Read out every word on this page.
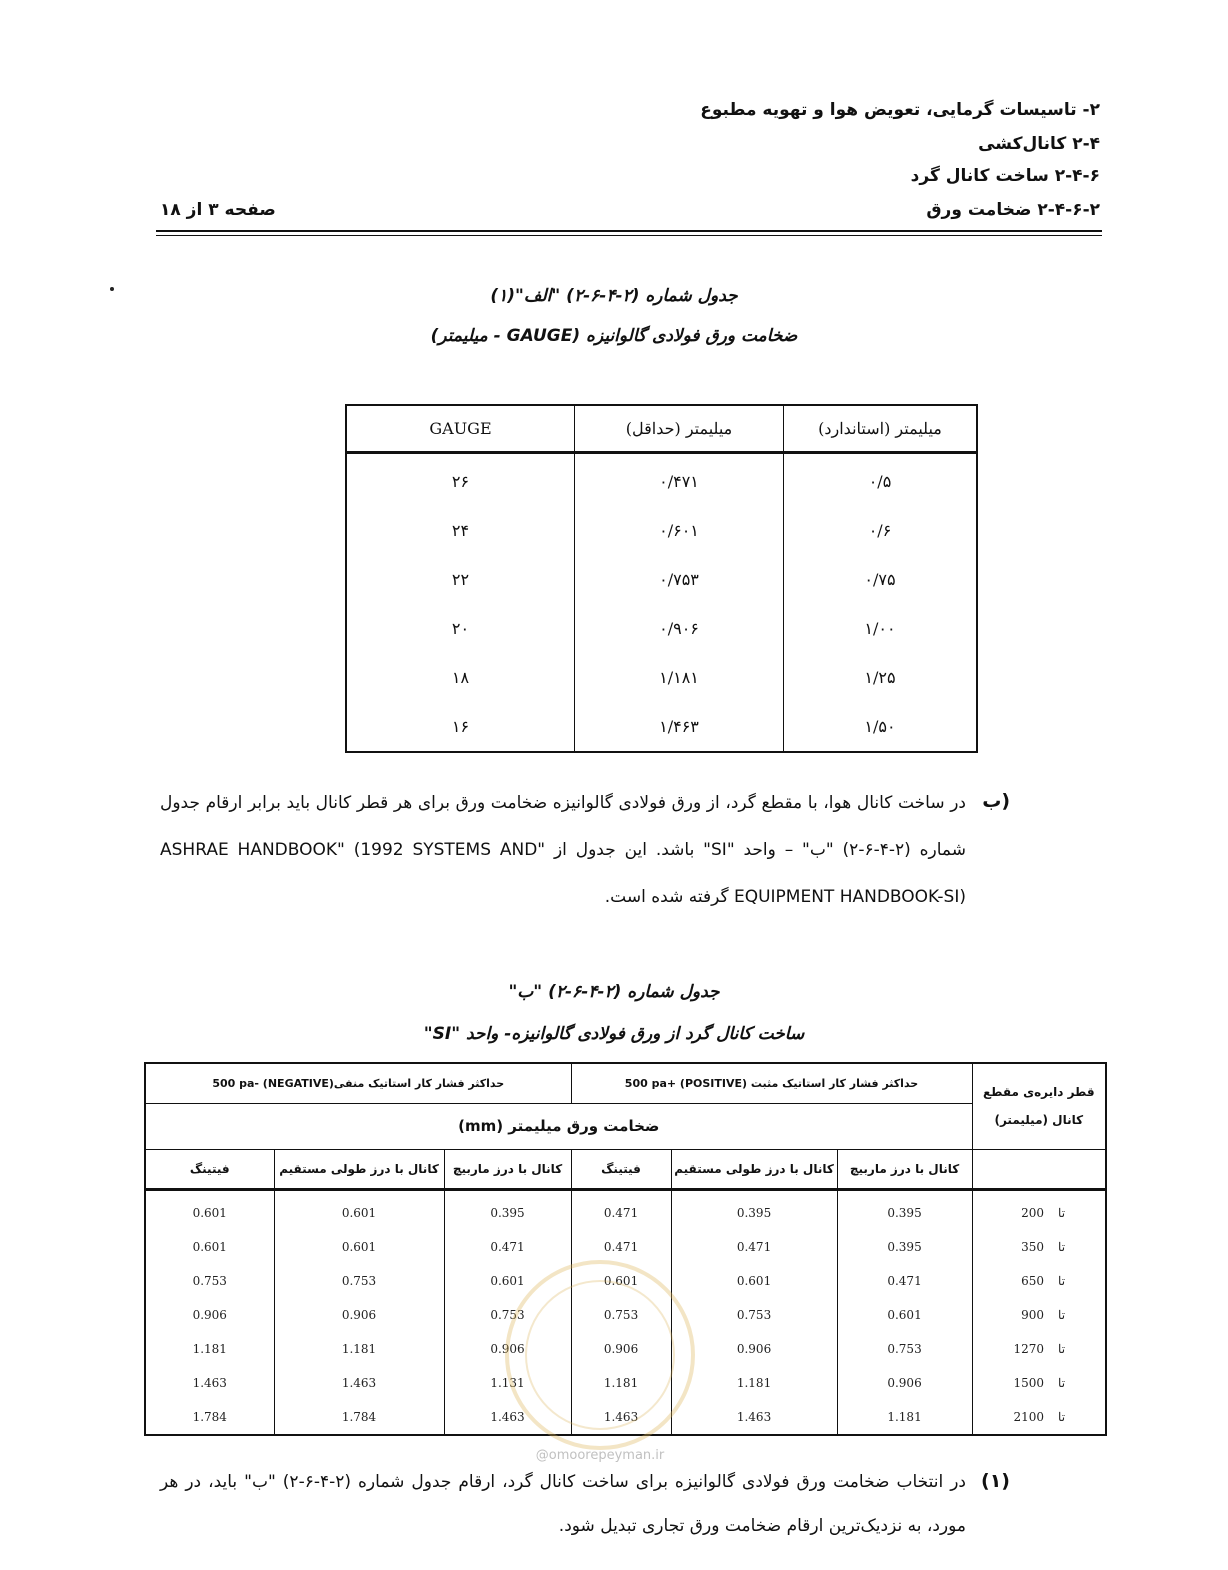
۲- تاسیسات گرمایی، تعویض هوا و تهویه مطبوع
۲-۴ کانال‌کشی
۲-۴-۶ ساخت کانال گرد
۲-۴-۶-۲ ضخامت ورق
صفحه ۳ از ۱۸
جدول شماره (۲-۴-۶-۲) "الف"(۱)
ضخامت ورق فولادی گالوانیزه (GAUGE - میلیمتر)
میلیمتر (استاندارد)	میلیمتر (حداقل)	GAUGE
۰/۵	۰/۴۷۱	۲۶
۰/۶	۰/۶۰۱	۲۴
۰/۷۵	۰/۷۵۳	۲۲
۱/۰۰	۰/۹۰۶	۲۰
۱/۲۵	۱/۱۸۱	۱۸
۱/۵۰	۱/۴۶۳	۱۶
ب)
در ساخت کانال هوا، با مقطع گرد، از ورق فولادی گالوانیزه ضخامت ورق برای هر قطر کانال باید برابر ارقام جدول شماره (۲-۴-۶-۲) "ب" – واحد "SI" باشد. این جدول از "ASHRAE HANDBOOK" (1992 SYSTEMS AND EQUIPMENT HANDBOOK-SI) گرفته شده است.
جدول شماره (۲-۴-۶-۲) "ب"
ساخت کانال گرد از ورق فولادی گالوانیزه- واحد "SI"
قطر دایره‌ی مقطع کانال (میلیمتر)	حداکثر فشار کار استاتیک مثبت (POSITIVE) +500 pa			حداکثر فشار کار استاتیک منفی(NEGATIVE) -500 pa		
	ضخامت ورق میلیمتر (mm)					
	کانال با درز ماربیچ	کانال با درز طولی مستقیم	فیتینگ	کانال با درز ماربیچ	کانال با درز طولی مستقیم	فیتینگ
تا200	0.395	0.395	0.471	0.395	0.601	0.601
تا350	0.395	0.471	0.471	0.471	0.601	0.601
تا650	0.471	0.601	0.601	0.601	0.753	0.753
تا900	0.601	0.753	0.753	0.753	0.906	0.906
تا1270	0.753	0.906	0.906	0.906	1.181	1.181
تا1500	0.906	1.181	1.181	1.131	1.463	1.463
تا2100	1.181	1.463	1.463	1.463	1.784	1.784
@omoorepeyman.ir
(۱)
در انتخاب ضخامت ورق فولادی گالوانیزه برای ساخت کانال گرد، ارقام جدول شماره (۲-۴-۶-۲) "ب" باید، در هر مورد، به نزدیک‌ترین ارقام ضخامت ورق تجاری تبدیل شود.
